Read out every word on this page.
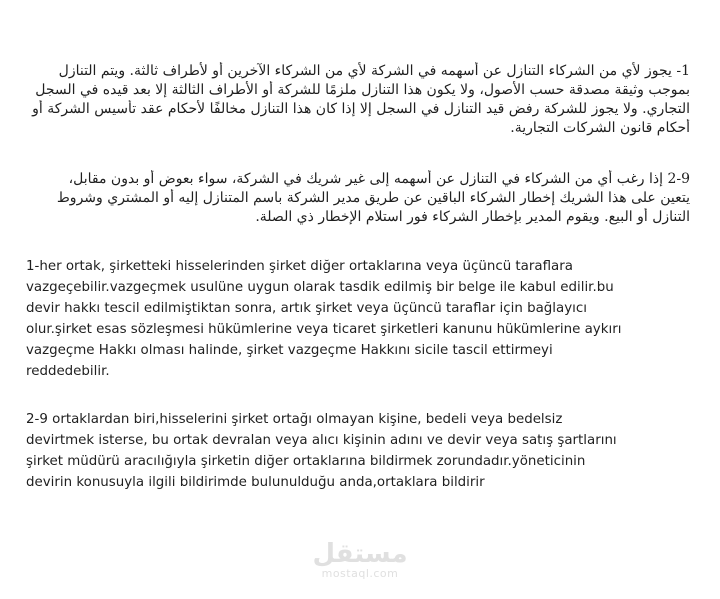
1- يجوز لأي من الشركاء التنازل عن أسهمه في الشركة لأي من الشركاء الآخرين أو لأطراف ثالثة. ويتم التنازل
بموجب وثيقة مصدقة حسب الأصول، ولا يكون هذا التنازل ملزمًا للشركة أو الأطراف الثالثة إلا بعد قيده في السجل
التجاري. ولا يجوز للشركة رفض قيد التنازل في السجل إلا إذا كان هذا التنازل مخالفًا لأحكام عقد تأسيس الشركة أو
أحكام قانون الشركات التجارية.
2-9 إذا رغب أي من الشركاء في التنازل عن أسهمه إلى غير شريك في الشركة، سواء بعوض أو بدون مقابل،
يتعين على هذا الشريك إخطار الشركاء الباقين عن طريق مدير الشركة باسم المتنازل إليه أو المشتري وشروط
التنازل أو البيع. ويقوم المدير بإخطار الشركاء فور استلام الإخطار ذي الصلة.
1-her ortak, şirketteki hisselerinden şirket diğer ortaklarına veya üçüncü taraflara
vazgeçebilir.vazgeçmek usulüne uygun olarak tasdik edilmiş bir belge ile kabul edilir.bu
devir hakkı tescil edilmiştiktan sonra, artık şirket veya üçüncü taraflar için bağlayıcı
olur.şirket esas sözleşmesi hükümlerine veya ticaret şirketleri kanunu hükümlerine aykırı
vazgeçme Hakkı olması halinde, şirket vazgeçme Hakkını sicile tascil ettirmeyi
reddedebilir.
2-9 ortaklardan biri,hisselerini şirket ortağı olmayan kişine, bedeli veya bedelsiz
devirtmek isterse, bu ortak devralan veya alıcı kişinin adını ve devir veya satış şartlarını
şirket müdürü aracılığıyla şirketin diğer ortaklarına bildirmek zorundadır.yöneticinin
devirin konusuyla ilgili bildirimde bulunulduğu anda,ortaklara bildirir
مستقل
mostaql.com
